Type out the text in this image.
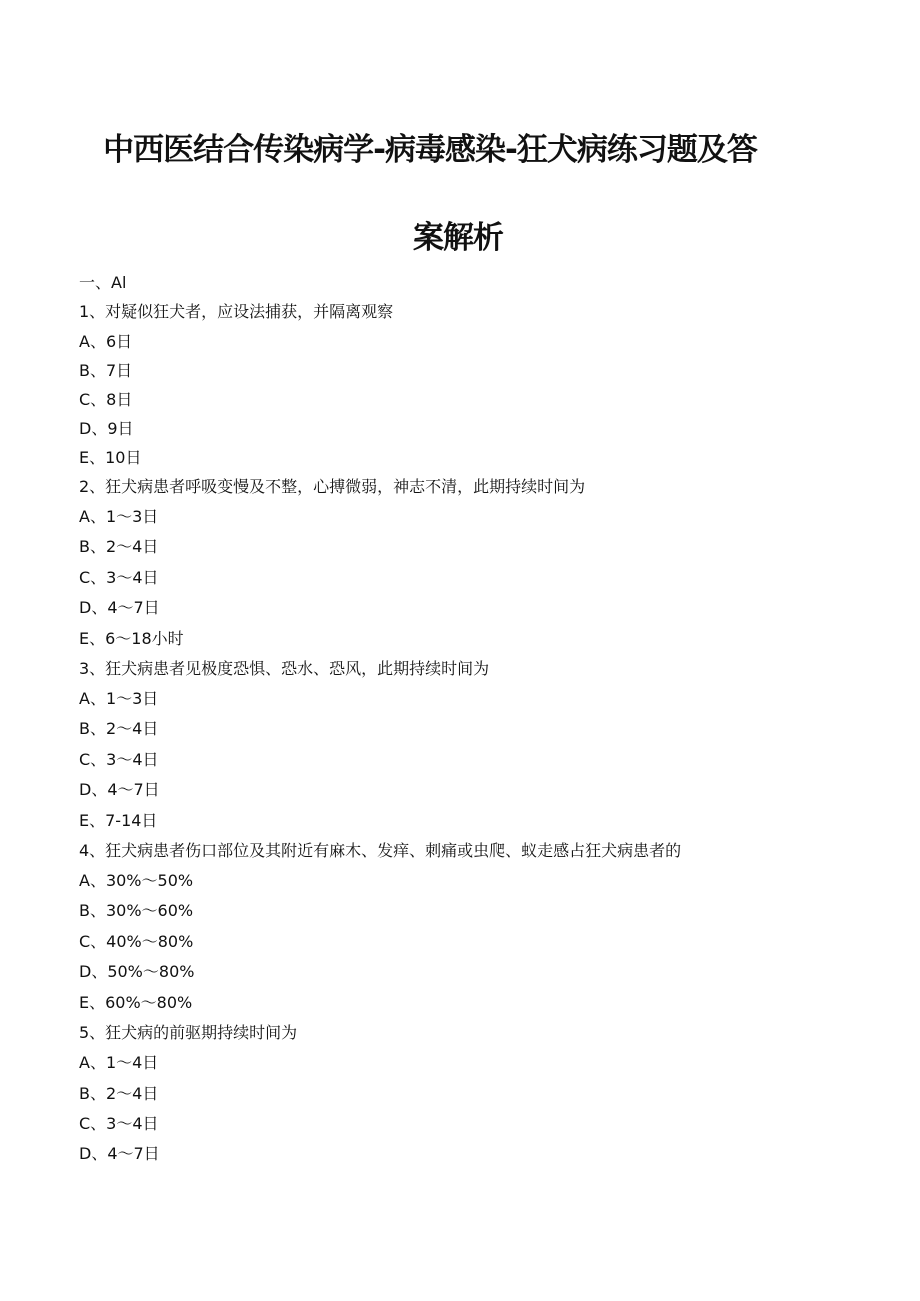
中西医结合传染病学-病毒感染-狂犬病练习题及答
案解析
一、Al
1、对疑似狂犬者，应设法捕获，并隔离观察
A、6日
B、7日
C、8日
D、9日
E、10日
2、狂犬病患者呼吸变慢及不整，心搏微弱，神志不清，此期持续时间为
A、1～3日
B、2～4日
C、3～4日
D、4～7日
E、6～18小时
3、狂犬病患者见极度恐惧、恐水、恐风，此期持续时间为
A、1～3日
B、2～4日
C、3～4日
D、4～7日
E、7-14日
4、狂犬病患者伤口部位及其附近有麻木、发痒、刺痛或虫爬、蚁走感占狂犬病患者的
A、30%～50%
B、30%～60%
C、40%～80%
D、50%～80%
E、60%～80%
5、狂犬病的前驱期持续时间为
A、1～4日
B、2～4日
C、3～4日
D、4～7日
